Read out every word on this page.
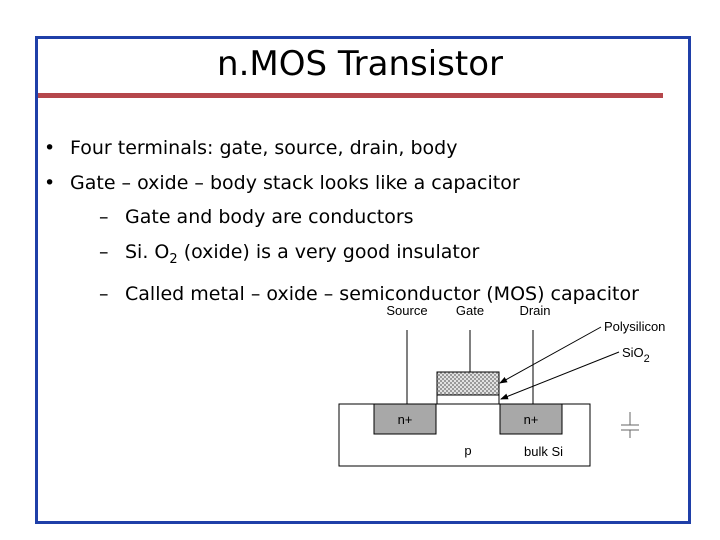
n.MOS Transistor
• Four terminals: gate, source, drain, body
• Gate – oxide – body stack looks like a capacitor
– Gate and body are conductors
– Si. $O_2$ (oxide) is a very good insulator
– Called metal – oxide – semiconductor (MOS) capacitor
Source Gate	Drain
Polysilicon
SiO$_2$
n+	n+
p	bulk Si
